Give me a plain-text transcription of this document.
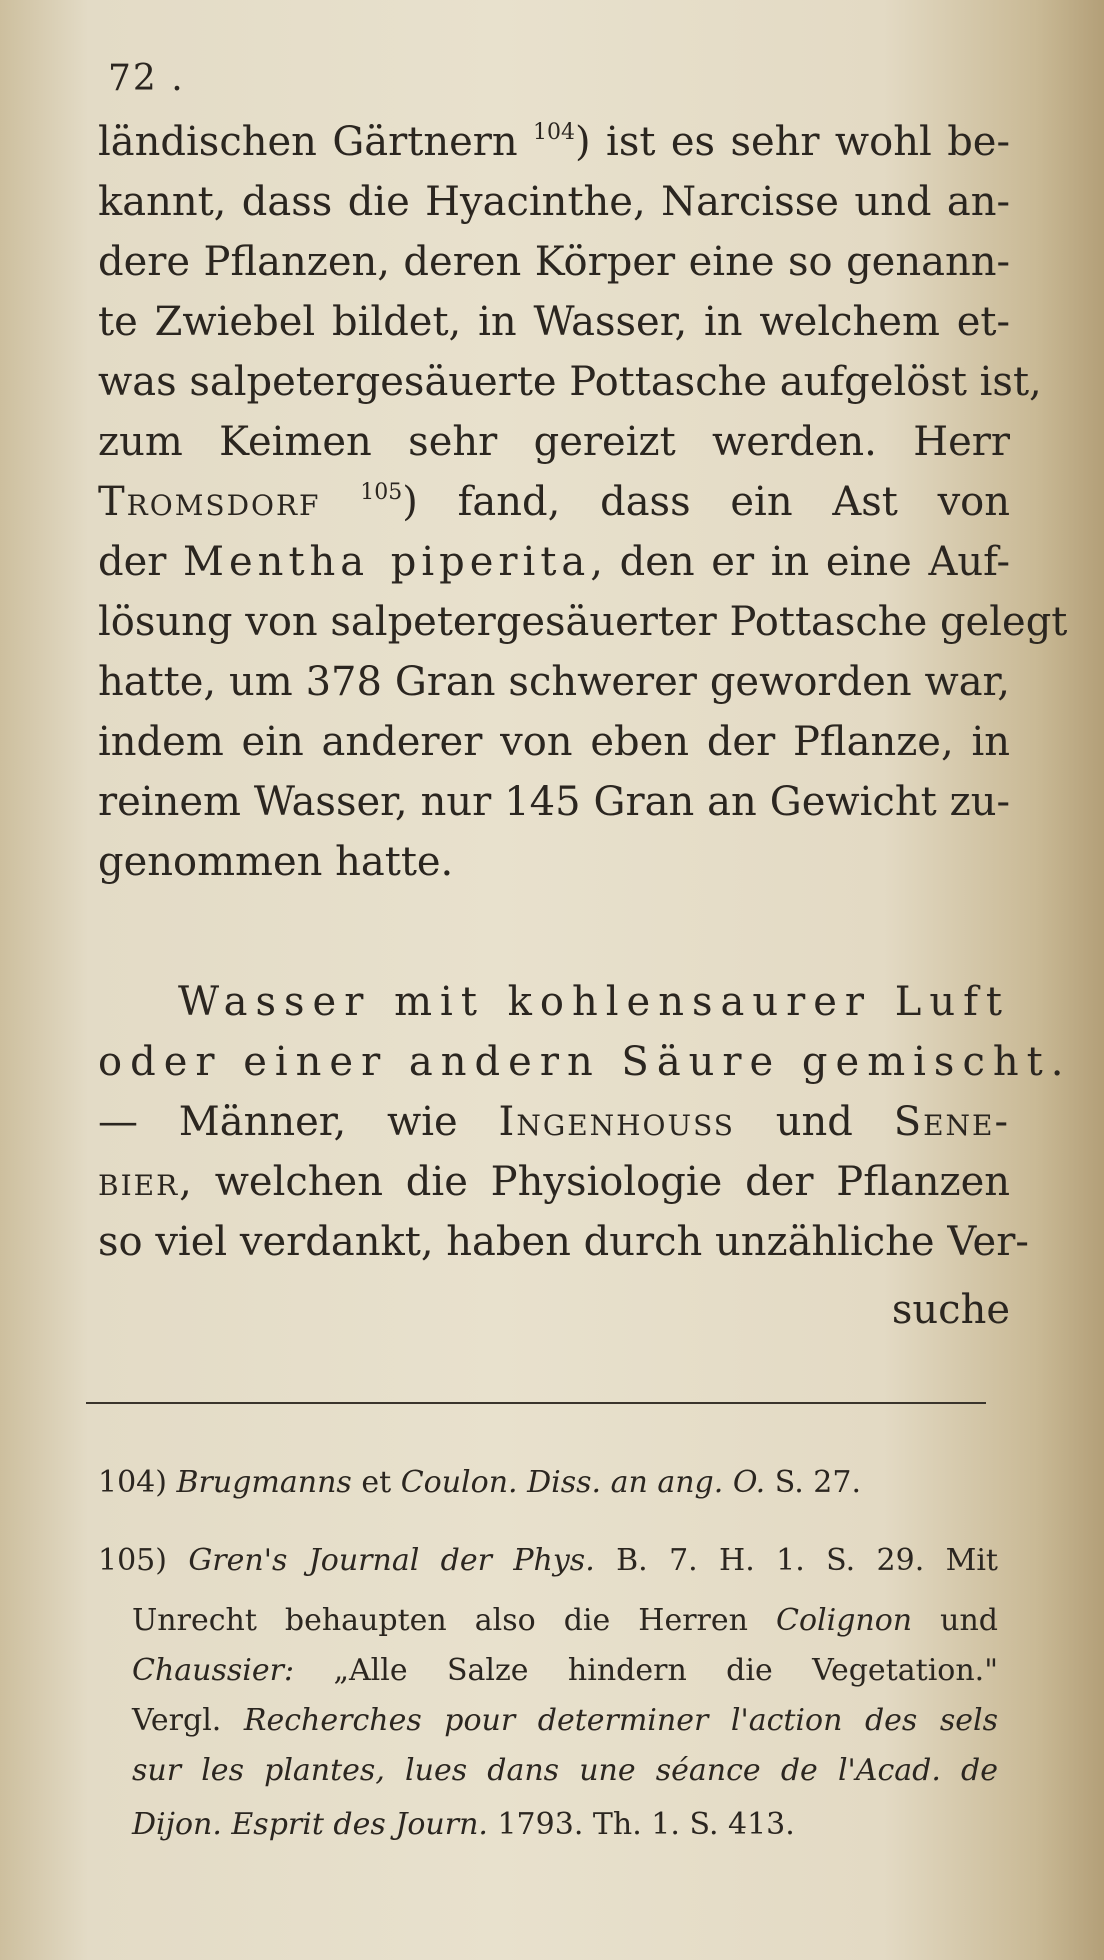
72 .
ländischen Gärtnern $^{104}$) ist es sehr wohl be-
kannt, dass die Hyacinthe, Narcisse und an-
dere Pflanzen, deren Körper eine so genann-
te Zwiebel bildet, in Wasser, in welchem et-
was salpetergesäuerte Pottasche aufgelöst ist,
zum Keimen sehr gereizt werden. Herr
Tromsdorf $^{105}$) fand, dass ein Ast von
der Mentha piperita, den er in eine Auf-
lösung von salpetergesäuerter Pottasche gelegt
hatte, um 378 Gran schwerer geworden war,
indem ein anderer von eben der Pflanze, in
reinem Wasser, nur 145 Gran an Gewicht zu-
genommen hatte.
Wasser mit kohlensaurer Luft
oder einer andern Säure gemischt.
— Männer, wie Ingenhouss und Sene-
bier, welchen die Physiologie der Pflanzen
so viel verdankt, haben durch unzähliche Ver-
suche
104) Brugmanns et Coulon. Diss. an ang. O. S. 27.
105) Gren's Journal der Phys. B. 7. H. 1. S. 29. Mit
Unrecht behaupten also die Herren Colignon und
Chaussier: „Alle Salze hindern die Vegetation."
Vergl. Recherches pour determiner l'action des sels
sur les plantes, lues dans une séance de l'Acad. de
Dijon. Esprit des Journ. 1793. Th. 1. S. 413.
